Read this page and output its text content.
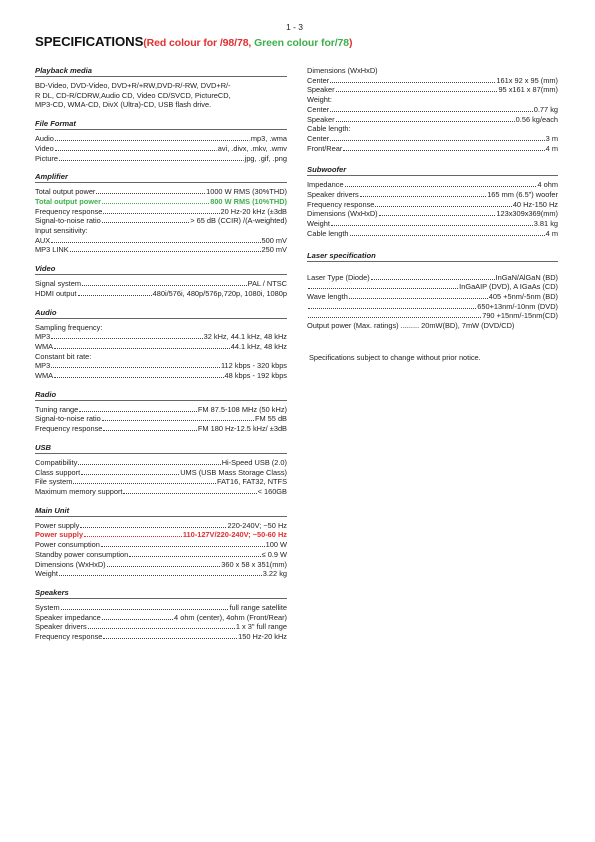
1 - 3
SPECIFICATIONS(Red colour for /98/78, Green colour for/78)
Playback media
BD-Video, DVD-Video, DVD+R/+RW,DVD-R/-RW, DVD+R/-
R DL, CD-R/CDRW,Audio CD, Video CD/SVCD, PictureCD,
MP3-CD, WMA-CD, DivX (Ultra)-CD, USB flash drive.
File Format
Audio	.mp3, .wma
Video	.avi, .divx, .mkv, .wmv
Picture	.jpg, .gif, .png
Amplifier
Total output power	1000 W RMS (30%THD)
Total output power	800 W RMS (10%THD)
Frequency response	20 Hz-20 kHz (±3dB
Signal-to-noise ratio	> 65 dB (CCIR) /(A-weighted)
Input sensitivity:
AUX	500 mV
MP3 LINK	250 mV
Video
Signal system	PAL / NTSC
HDMI output	480i/576i, 480p/576p,720p, 1080i, 1080p
Audio
Sampling frequency:
MP3	32 kHz, 44.1 kHz, 48 kHz
WMA	44.1 kHz, 48 kHz
Constant bit rate:
MP3	112 kbps - 320 kbps
WMA	48 kbps - 192 kbps
Radio
Tuning range	FM 87.5-108 MHz (50 kHz)
Signal-to-noise ratio	FM 55 dB
Frequency response	FM 180 Hz-12.5 kHz/ ±3dB
USB
Compatibility	Hi-Speed USB (2.0)
Class support	UMS (USB Mass Storage Class)
File system	FAT16, FAT32, NTFS
Maximum memory support	< 160GB
Main Unit
Power supply	220-240V; ~50 Hz
Power supply	110-127V/220-240V; ~50-60 Hz
Power consumption	100 W
Standby power consumption	≤ 0.9 W
Dimensions (WxHxD)	360 x 58 x 351(mm)
Weight	3.22 kg
Speakers
System	full range satellite
Speaker impedance	4 ohm (center), 4ohm (Front/Rear)
Speaker drivers	1 x 3" full range
Frequency response	150 Hz-20 kHz
Dimensions (WxHxD)
Center	161x 92 x 95 (mm)
Speaker	95 x161 x 87(mm)
Weight:
Center	0.77 kg
Speaker	0.56 kg/each
Cable length:
Center	3 m
Front/Rear	4 m
Subwoofer
Impedance	4 ohm
Speaker drivers	165 mm (6.5") woofer
Frequency response	40 Hz-150 Hz
Dimensions (WxHxD)	123x309x369(mm)
Weight	3.81 kg
Cable length	4 m
Laser specification
Laser Type (Diode)	InGaN/AlGaN (BD)
InGaAIP (DVD), A IGaAs (CD)
Wave length	405 +5nm/-5nm (BD)
650+13nm/-10nm (DVD)
790 +15nm/-15nm(CD)
Output power (Max. ratings) ......... 20mW(BD), 7mW (DVD/CD)
Specifications subject to change without prior notice.
